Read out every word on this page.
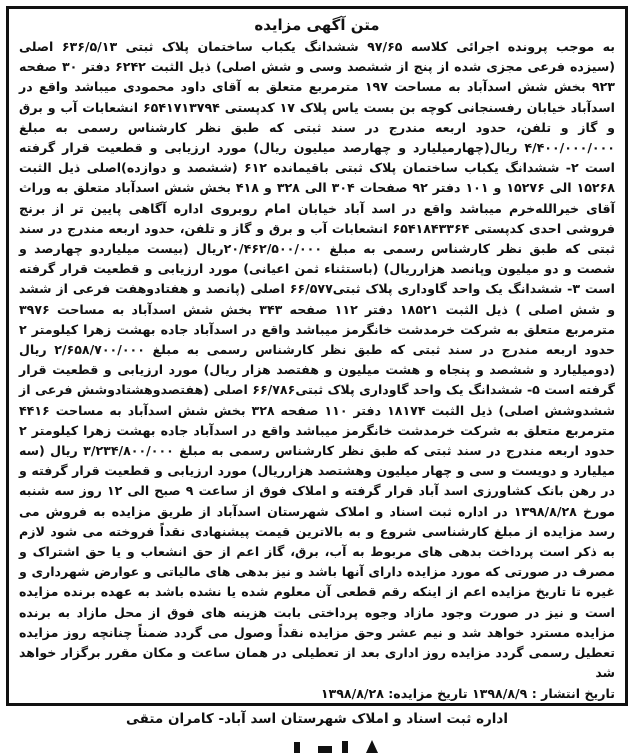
متن آگهی مزایده

به موجب پرونده اجرائی کلاسه ۹۷/۶۵ ششدانگ یکباب ساختمان پلاک ثبتی ۶۳۶/۵/۱۳ اصلی (سیزده فرعی مجزی شده از پنج از ششصد وسی و شش اصلی) ذیل الثبت ۶۲۴۲ دفتر ۳۰ صفحه ۹۲۳ بخش شش اسدآباد به مساحت ۱۹۷ مترمربع متعلق به آقای داود محمودی میباشد واقع در اسدآباد خیابان رفسنجانی کوچه بن بست یاس پلاک ۱۷ کدپستی ۶۵۴۱۷۱۳۷۹۴ انشعابات آب و برق و گاز و تلفن، حدود اربعه مندرج در سند ثبتی که طبق نظر کارشناس رسمی به مبلغ ۴/۴۰۰/۰۰۰/۰۰۰ ریال(چهارمیلیارد و چهارصد میلیون ریال) مورد ارزیابی و قطعیت قرار گرفته است ۲- ششدانگ یکباب ساختمان پلاک ثبتی باقیمانده ۶۱۲ (ششصد و دوازده)اصلی ذیل الثبت ۱۵۲۶۸ الی ۱۵۲۷۶ و ۱۰۱ دفتر ۹۲ صفحات ۳۰۴ الی ۳۲۸ و ۴۱۸ بخش شش اسدآباد متعلق به وراث آقای خیرالله‌خرم میباشد واقع در اسد آباد خیابان امام روبروی اداره آگاهی پایین تر از برنج فروشی احدی کدپستی ۶۵۴۱۸۴۳۳۶۴ انشعابات آب و برق و گاز و تلفن، حدود اربعه مندرج در سند ثبتی که طبق نظر کارشناس رسمی به مبلغ ۲۰/۴۶۲/۵۰۰/۰۰۰ریال (بیست میلیاردو چهارصد و شصت و دو میلیون وپانصد هزارریال) (باستثناء ثمن اعیانی) مورد ارزیابی و قطعیت قرار گرفته است ۳- ششدانگ یک واحد گاوداری پلاک ثبتی۶۶/۵۷۷ اصلی (پانصد و هفتادوهفت فرعی از ششد و شش اصلی ) ذیل الثبت ۱۸۵۲۱ دفتر ۱۱۲ صفحه ۳۴۳ بخش شش اسدآباد به مساحت ۳۹۷۶ مترمربع متعلق به شرکت خرمدشت خانگرمز میباشد واقع در اسدآباد جاده بهشت زهرا کیلومتر ۲ حدود اربعه مندرج در سند ثبتی که طبق نظر کارشناس رسمی به مبلغ ۲/۶۵۸/۷۰۰/۰۰۰ ریال (دومیلیارد و ششصد و پنجاه و هشت میلیون و هفتصد هزار ریال) مورد ارزیابی و قطعیت قرار گرفته است ۵- ششدانگ یک واحد گاوداری پلاک ثبتی۶۶/۷۸۶ اصلی (هفتصدوهشتادوشش فرعی از ششدوشش اصلی) ذیل الثبت ۱۸۱۷۴ دفتر ۱۱۰ صفحه ۳۲۸ بخش شش اسدآباد به مساحت ۴۴۱۶ مترمربع متعلق به شرکت خرمدشت خانگرمز میباشد واقع در اسدآباد جاده بهشت زهرا کیلومتر ۲ حدود اربعه مندرج در سند ثبتی که طبق نظر کارشناس رسمی به مبلغ ۳/۲۳۴/۸۰۰/۰۰۰ ریال (سه میلیارد و دویست و سی و چهار میلیون وهشتصد هزارریال) مورد ارزیابی و قطعیت قرار گرفته و در رهن بانک کشاورزی اسد آباد قرار گرفته و املاک فوق از ساعت ۹ صبح الی ۱۲ روز سه شنبه مورخ ۱۳۹۸/۸/۲۸ در اداره ثبت اسناد و املاک شهرستان اسدآباد از طریق مزایده به فروش می رسد مزایده از مبلغ کارشناسی شروع و به بالاترین قیمت پیشنهادی نقداً فروخته می شود لازم به ذکر است پرداخت بدهی های مربوط به آب، برق، گاز اعم از حق انشعاب و یا حق اشتراک و مصرف در صورتی که مورد مزایده دارای آنها باشد و نیز بدهی های مالیاتی و عوارض شهرداری و غیره تا تاریخ مزایده اعم از اینکه رقم قطعی آن معلوم شده یا نشده باشد به عهده برنده مزایده است و نیز در صورت وجود مازاد وجوه پرداختی بابت هزینه های فوق از محل مازاد به برنده مزایده مسترد خواهد شد و نیم عشر وحق مزایده نقداً وصول می گردد ضمناً چنانچه روز مزایده تعطیل رسمی گردد مزایده روز اداری بعد از تعطیلی در همان ساعت و مکان مقرر برگزار خواهد شد

تاریخ انتشار : ۱۳۹۸/۸/۹ تاریخ مزایده: ۱۳۹۸/۸/۲۸

اداره ثبت اسناد و املاک شهرستان اسد آباد- کامران متقی
